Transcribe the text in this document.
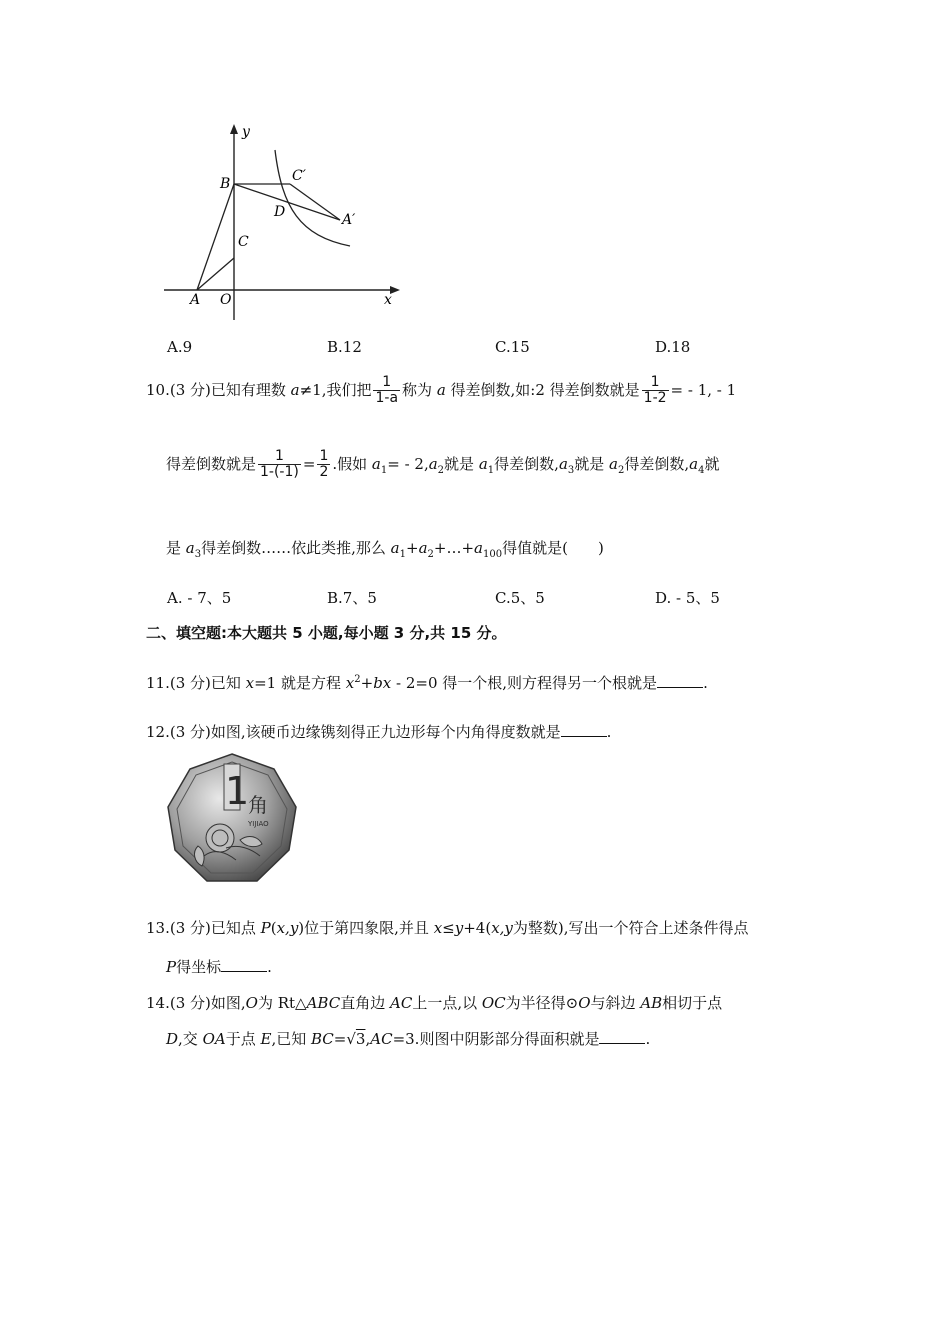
y
x
B	C′
D	A′
C
A O
A.9	B.12	C.15	D.18
10.(3 分)已知有理数 a≠1,我们把 $\frac{1}{1-a}$ 称为 a 得差倒数,如:2 得差倒数就是 $\frac{1}{1-2}$ = - 1, - 1
得差倒数就是 $\frac{1}{1-(-1)} = \frac{1}{2}$ .假如 $a_1= - 2,a_2$就是 $a_1$得差倒数$,a_3$就是 $a_2$得差倒数$,a_4$就
是 $a_3$得差倒数……依此类推,那么 $a_1+a_2+\dots+a_{100}$得值就是( )
A. - 7、5	B.7、5	C.5、5	D. - 5、5
二、填空题:本大题共 5 小题,每小题 3 分,共 15 分。
11.(3 分)已知 x=1 就是方程 $x^2+bx - 2=0$ 得一个根,则方程得另一个根就是	.
12.(3 分)如图,该硬币边缘镌刻得正九边形每个内角得度数就是	.
1
角
YIJIAO
13.(3 分)已知点 P(x,y)位于第四象限,并且 x≤y+4(x,y为整数),写出一个符合上述条件得点
P得坐标	.
14.(3 分)如图,O为 Rt△ABC直角边 AC上一点,以 OC为半径得⊙O与斜边 AB相切于点
D,交 OA于点 E,已知 BC=√3,AC=3.则图中阴影部分得面积就是	.
